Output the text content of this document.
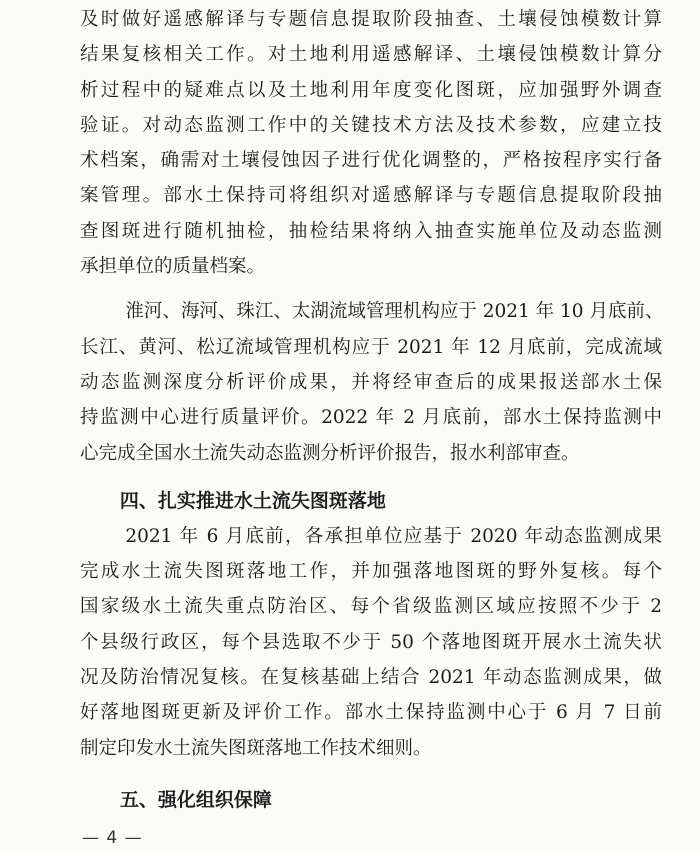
及时做好遥感解译与专题信息提取阶段抽查、土壤侵蚀模数计算
结果复核相关工作。对土地利用遥感解译、土壤侵蚀模数计算分
析过程中的疑难点以及土地利用年度变化图斑，应加强野外调查
验证。对动态监测工作中的关键技术方法及技术参数，应建立技
术档案，确需对土壤侵蚀因子进行优化调整的，严格按程序实行备
案管理。部水土保持司将组织对遥感解译与专题信息提取阶段抽
查图斑进行随机抽检，抽检结果将纳入抽查实施单位及动态监测
承担单位的质量档案。
淮河、海河、珠江、太湖流域管理机构应于 2021 年 10 月底前、
长江、黄河、松辽流域管理机构应于 2021 年 12 月底前，完成流域
动态监测深度分析评价成果，并将经审查后的成果报送部水土保
持监测中心进行质量评价。2022 年 2 月底前，部水土保持监测中
心完成全国水土流失动态监测分析评价报告，报水利部审查。
四、扎实推进水土流失图斑落地
2021 年 6 月底前，各承担单位应基于 2020 年动态监测成果
完成水土流失图斑落地工作，并加强落地图斑的野外复核。每个
国家级水土流失重点防治区、每个省级监测区域应按照不少于 2
个县级行政区，每个县选取不少于 50 个落地图斑开展水土流失状
况及防治情况复核。在复核基础上结合 2021 年动态监测成果，做
好落地图斑更新及评价工作。部水土保持监测中心于 6 月 7 日前
制定印发水土流失图斑落地工作技术细则。
五、强化组织保障
— 4 —
